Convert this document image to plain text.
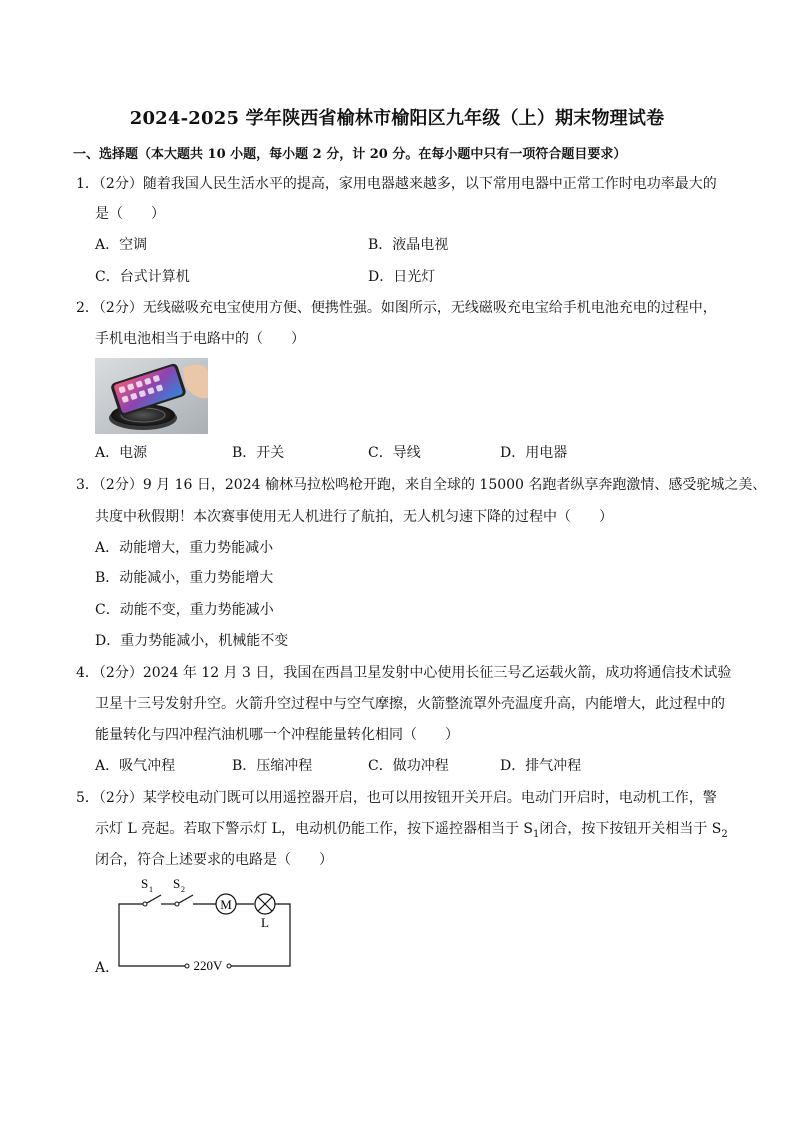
2024-2025 学年陕西省榆林市榆阳区九年级（上）期末物理试卷
一、选择题（本大题共 10 小题，每小题 2 分，计 20 分。在每小题中只有一项符合题目要求）
1．（2分）随着我国人民生活水平的提高，家用电器越来越多，以下常用电器中正常工作时电功率最大的
是（　　）
A．空调	B．液晶电视
C．台式计算机	D．日光灯
2．（2分）无线磁吸充电宝使用方便、便携性强。如图所示，无线磁吸充电宝给手机电池充电的过程中，
手机电池相当于电路中的（　　）
A．电源	B．开关	C．导线	D．用电器
3．（2分）9 月 16 日，2024 榆林马拉松鸣枪开跑，来自全球的 15000 名跑者纵享奔跑激情、感受驼城之美、
共度中秋假期！本次赛事使用无人机进行了航拍，无人机匀速下降的过程中（　　）
A．动能增大，重力势能减小
B．动能减小，重力势能增大
C．动能不变，重力势能减小
D．重力势能减小，机械能不变
4．（2分）2024 年 12 月 3 日，我国在西昌卫星发射中心使用长征三号乙运载火箭，成功将通信技术试验
卫星十三号发射升空。火箭升空过程中与空气摩擦，火箭整流罩外壳温度升高，内能增大，此过程中的
能量转化与四冲程汽油机哪一个冲程能量转化相同（　　）
A．吸气冲程	B．压缩冲程	C．做功冲程	D．排气冲程
5．（2分）某学校电动门既可以用遥控器开启，也可以用按钮开关开启。电动门开启时，电动机工作，警
示灯 L 亮起。若取下警示灯 L，电动机仍能工作，按下遥控器相当于 $S_1$闭合，按下按钮开关相当于 $S_2$
闭合，符合上述要求的电路是（　　）
A．
M
L
S 1 S 2
220V
